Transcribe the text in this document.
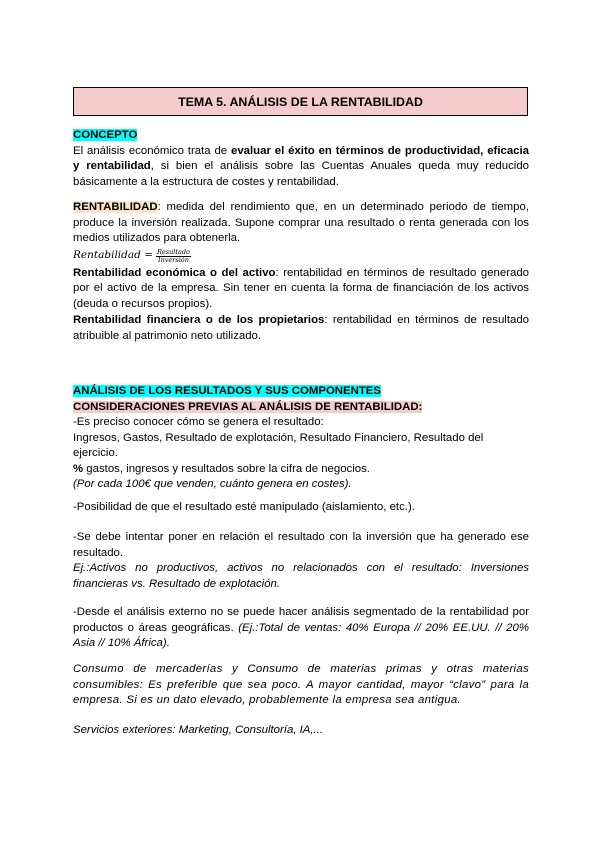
TEMA 5. ANÁLISIS DE LA RENTABILIDAD
CONCEPTO
El análisis económico trata de evaluar el éxito en términos de productividad, eficacia y rentabilidad, si bien el análisis sobre las Cuentas Anuales queda muy reducido básicamente a la estructura de costes y rentabilidad.
RENTABILIDAD: medida del rendimiento que, en un determinado periodo de tiempo, produce la inversión realizada. Supone comprar una resultado o renta generada con los medios utilizados para obtenerla.
Rentabilidad = $\frac{\text{Resultado}}{\text{Inversión}}$
Rentabilidad económica o del activo: rentabilidad en términos de resultado generado por el activo de la empresa. Sin tener en cuenta la forma de financiación de los activos (deuda o recursos propios).
Rentabilidad financiera o de los propietarios: rentabilidad en términos de resultado atribuible al patrimonio neto utilizado.
ANÁLISIS DE LOS RESULTADOS Y SUS COMPONENTES
CONSIDERACIONES PREVIAS AL ANÁLISIS DE RENTABILIDAD:
-Es preciso conocer cómo se genera el resultado:
Ingresos, Gastos, Resultado de explotación, Resultado Financiero, Resultado del ejercicio.
% gastos, ingresos y resultados sobre la cifra de negocios.
(Por cada 100€ que venden, cuánto genera en costes).
-Posibilidad de que el resultado esté manipulado (aislamiento, etc.).
-Se debe intentar poner en relación el resultado con la inversión que ha generado ese resultado.
Ej.:Activos no productivos, activos no relacionados con el resultado: Inversiones financieras vs. Resultado de explotación.
-Desde el análisis externo no se puede hacer análisis segmentado de la rentabilidad por productos o áreas geográficas. (Ej.:Total de ventas: 40% Europa // 20% EE.UU. // 20% Asia // 10% África).
Consumo de mercaderías y Consumo de materias primas y otras materias consumibles: Es preferible que sea poco. A mayor cantidad, mayor “clavo” para la empresa. Si es un dato elevado, probablemente la empresa sea antigua.
Servicios exteriores: Marketing, Consultoría, IA,...
